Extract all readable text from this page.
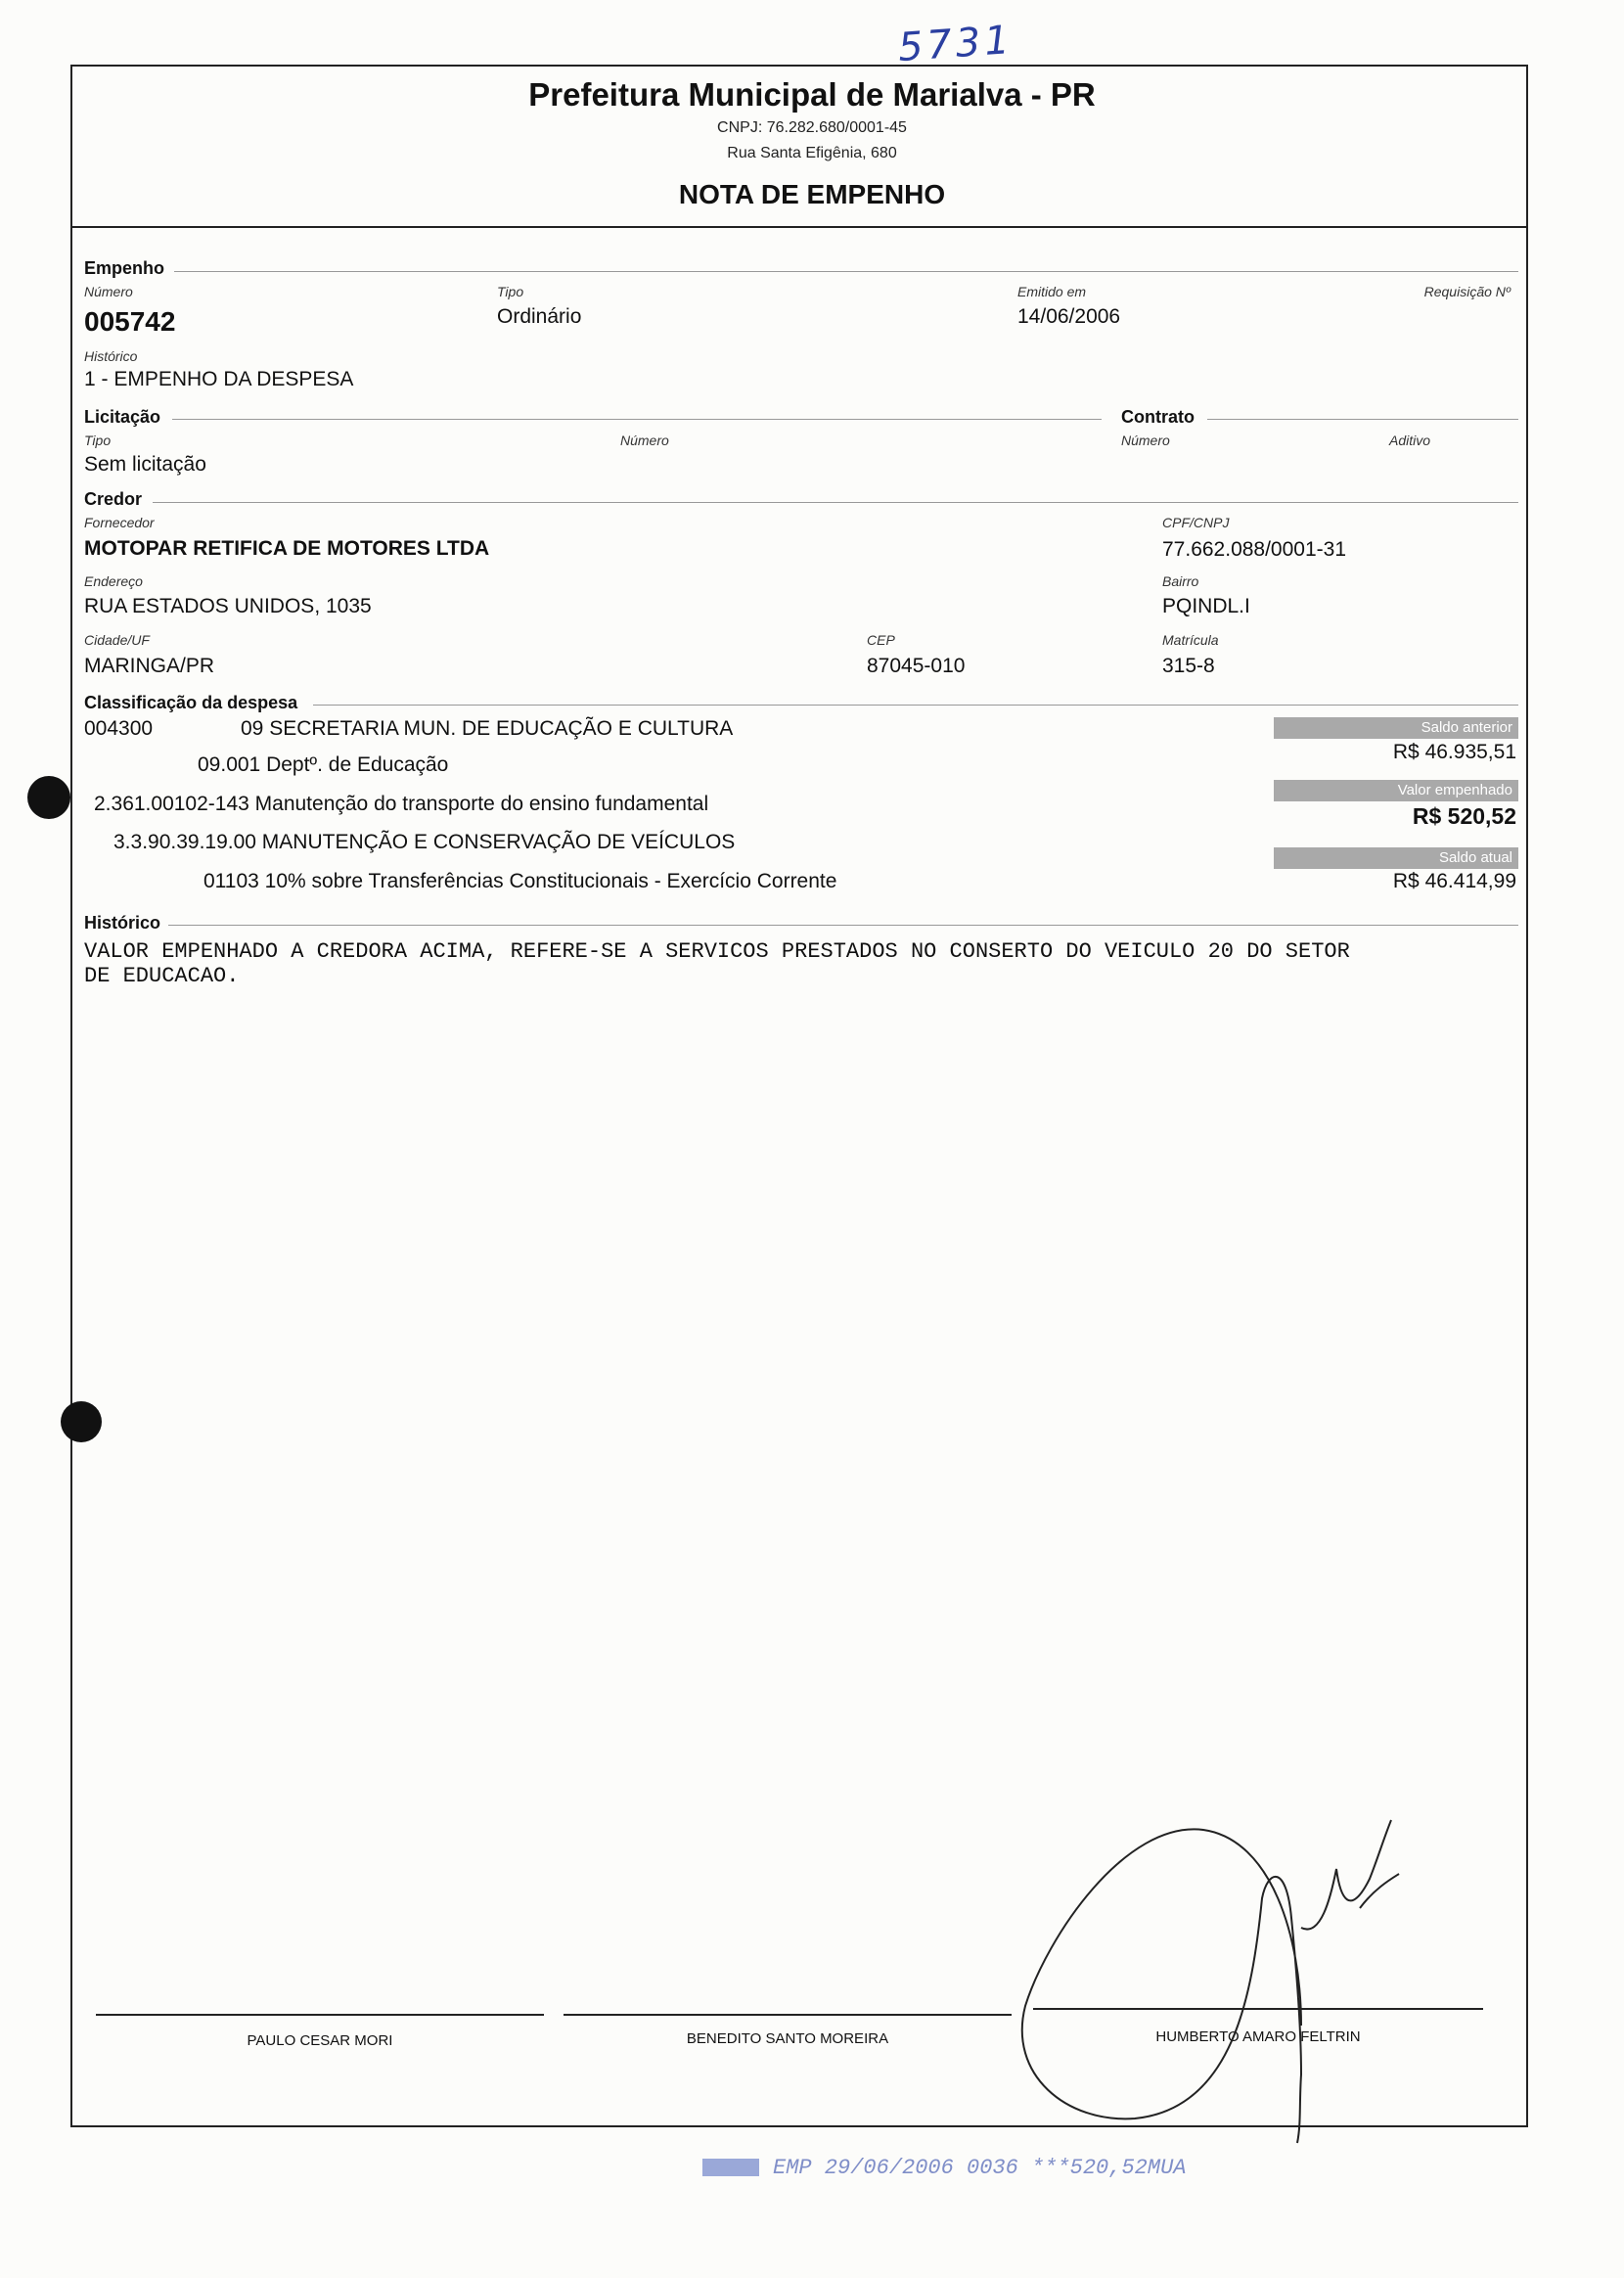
5731
Prefeitura Municipal de Marialva - PR
CNPJ: 76.282.680/0001-45
Rua Santa Efigênia, 680
NOTA DE EMPENHO
Empenho
Número
005742
Tipo
Ordinário
Emitido em
14/06/2006
Requisição Nº
Histórico
1 - EMPENHO DA DESPESA
Licitação	Contrato
Tipo
Sem licitação
Número	Número	Aditivo
Credor
Fornecedor
MOTOPAR RETIFICA DE MOTORES LTDA
CPF/CNPJ
77.662.088/0001-31
Endereço
RUA ESTADOS UNIDOS, 1035
Bairro
PQINDL.I
Cidade/UF
MARINGA/PR
CEP
87045-010
Matrícula
315-8
Classificação da despesa
004300	09 SECRETARIA MUN. DE EDUCAÇÃO E CULTURA
09.001 Deptº. de Educação
2.361.00102-143 Manutenção do transporte do ensino fundamental
3.3.90.39.19.00 MANUTENÇÃO E CONSERVAÇÃO DE VEÍCULOS
01103 10% sobre Transferências Constitucionais - Exercício Corrente
Saldo anterior
R$ 46.935,51
Valor empenhado
R$ 520,52
Saldo atual
R$ 46.414,99
Histórico
VALOR EMPENHADO A CREDORA ACIMA, REFERE-SE A SERVICOS PRESTADOS NO CONSERTO DO VEICULO 20 DO SETOR
DE EDUCACAO.
PAULO CESAR MORI	BENEDITO SANTO MOREIRA	HUMBERTO AMARO FELTRIN
EMP 29/06/2006 0036 ***520,52MUA
